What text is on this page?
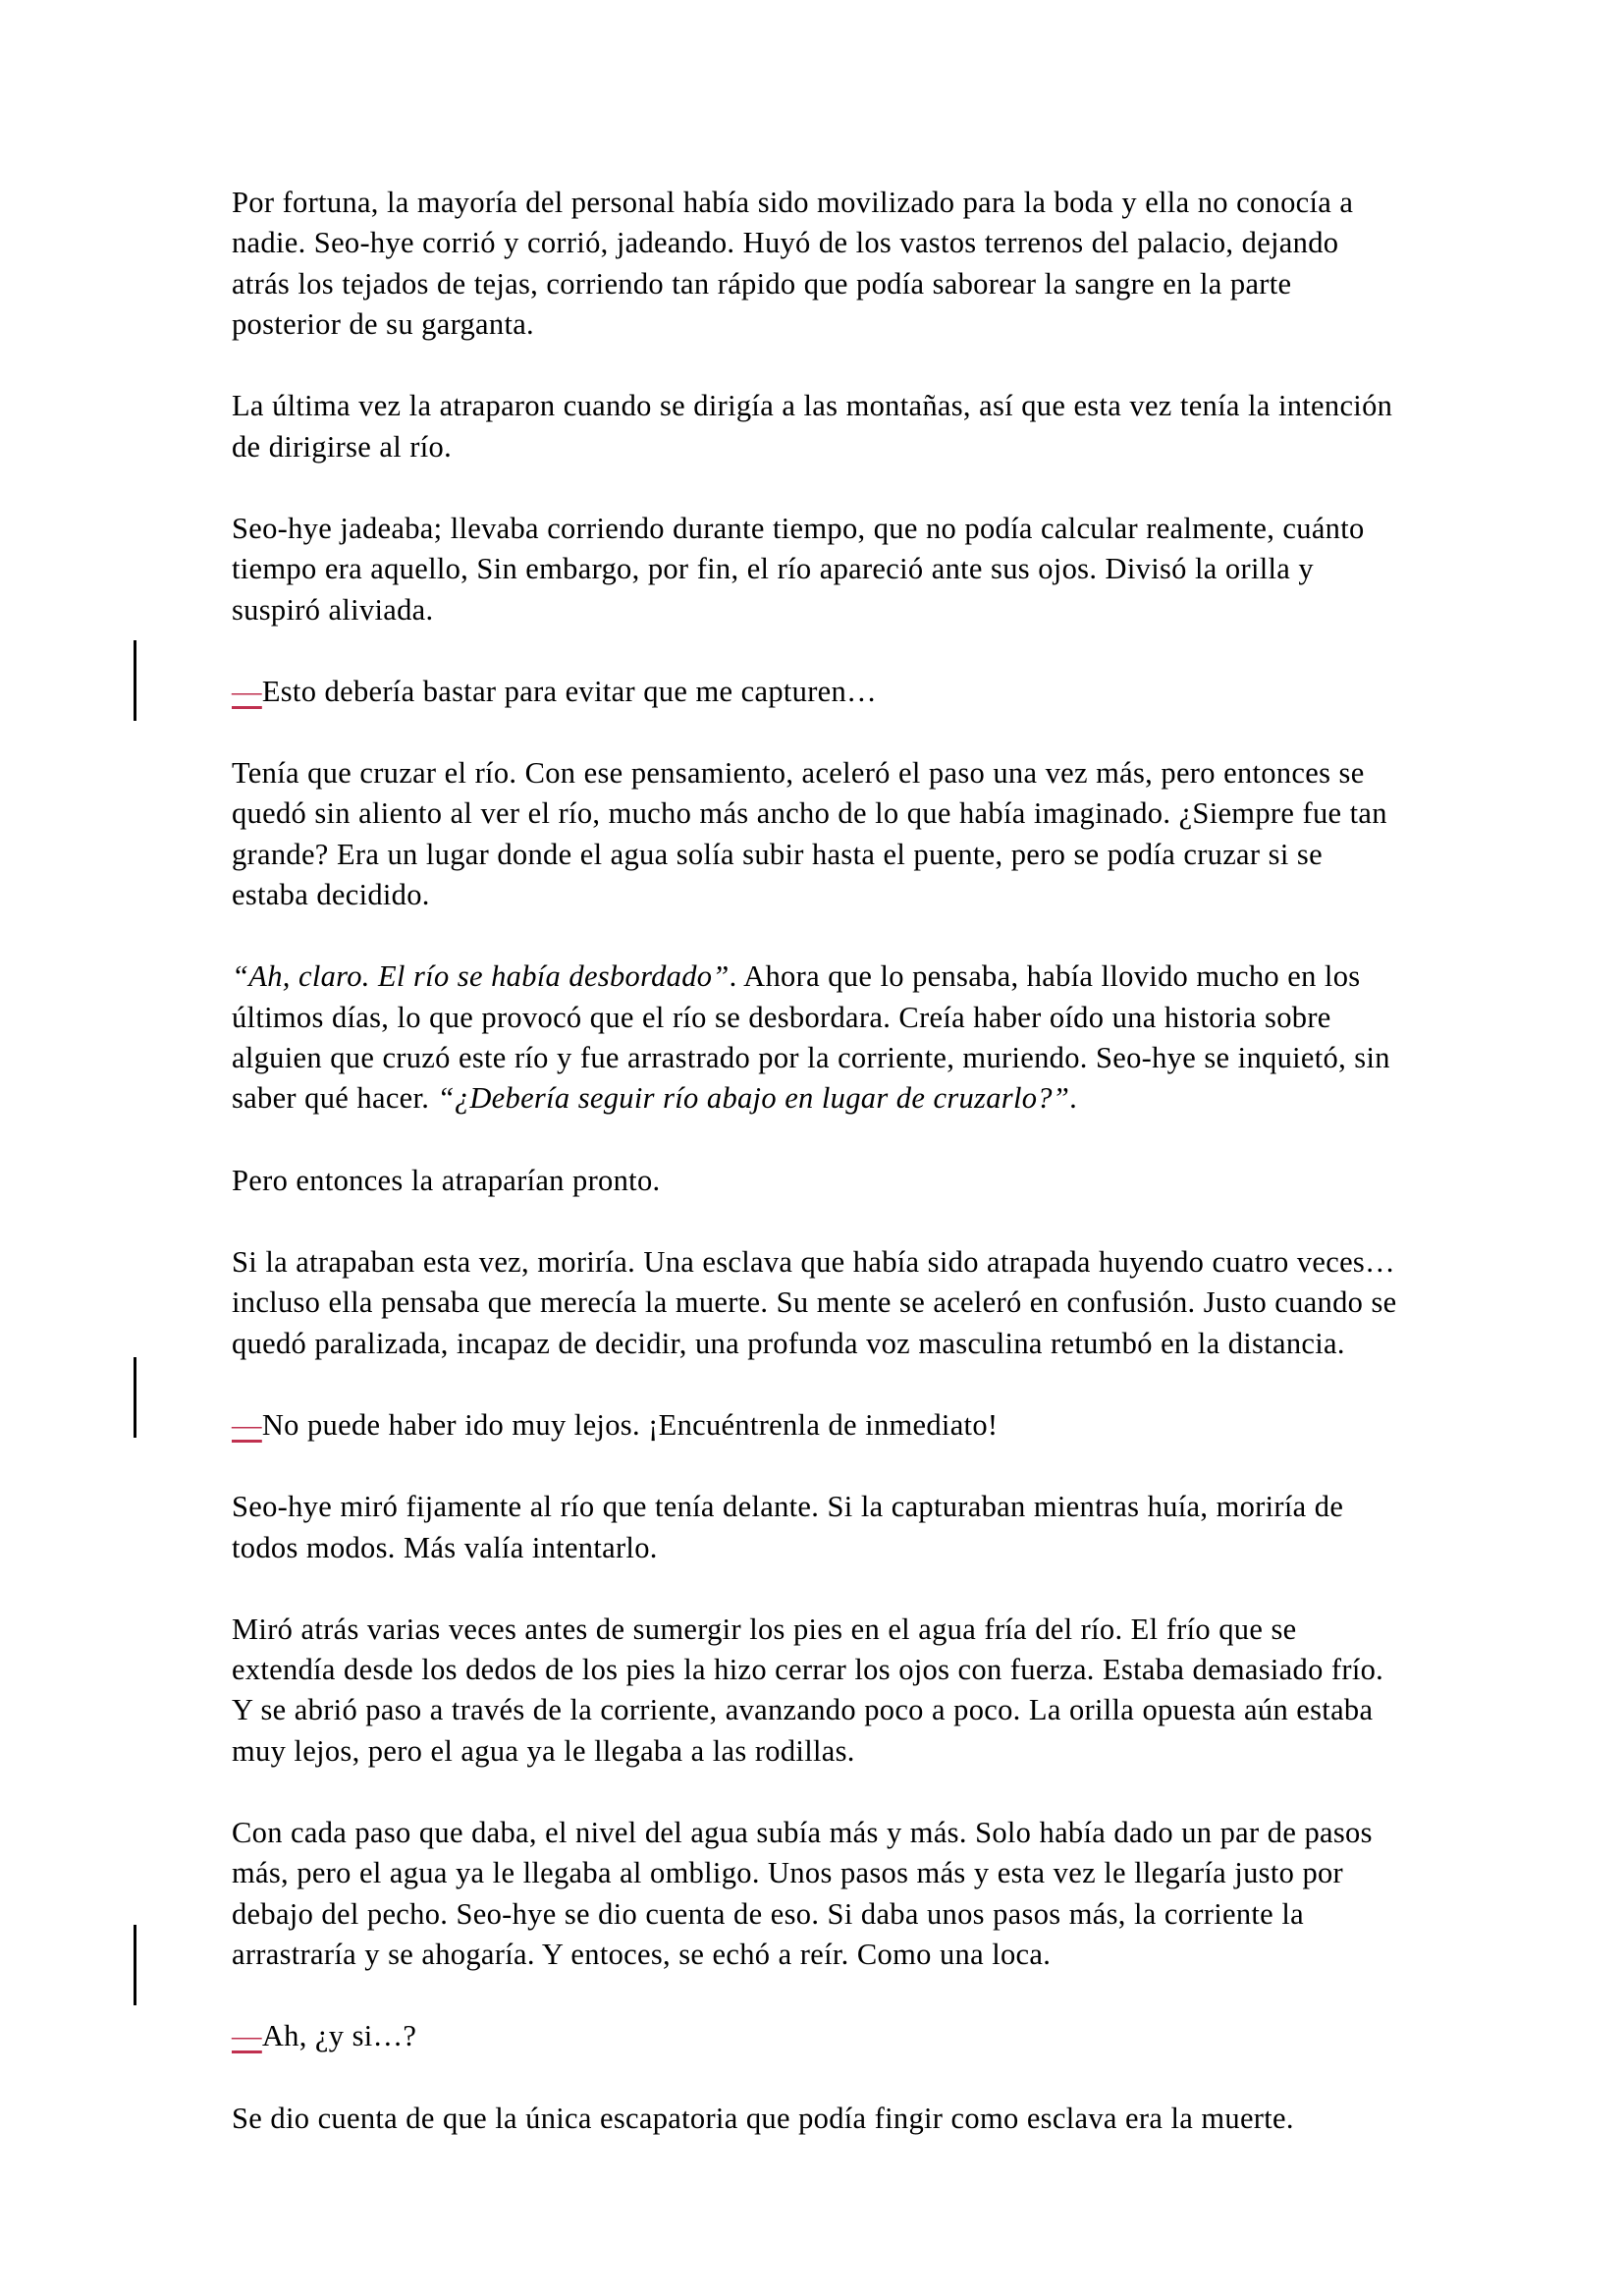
Por fortuna, la mayoría del personal había sido movilizado para la boda y ella no conocía a nadie. Seo-hye corrió y corrió, jadeando. Huyó de los vastos terrenos del palacio, dejando atrás los tejados de tejas, corriendo tan rápido que podía saborear la sangre en la parte posterior de su garganta.

La última vez la atraparon cuando se dirigía a las montañas, así que esta vez tenía la intención de dirigirse al río.

Seo-hye jadeaba; llevaba corriendo durante tiempo, que no podía calcular realmente, cuánto tiempo era aquello, Sin embargo, por fin, el río apareció ante sus ojos. Divisó la orilla y suspiró aliviada.

—Esto debería bastar para evitar que me capturen…

Tenía que cruzar el río. Con ese pensamiento, aceleró el paso una vez más, pero entonces se quedó sin aliento al ver el río, mucho más ancho de lo que había imaginado. ¿Siempre fue tan grande? Era un lugar donde el agua solía subir hasta el puente, pero se podía cruzar si se estaba decidido.

“Ah, claro. El río se había desbordado”. Ahora que lo pensaba, había llovido mucho en los últimos días, lo que provocó que el río se desbordara. Creía haber oído una historia sobre alguien que cruzó este río y fue arrastrado por la corriente, muriendo. Seo-hye se inquietó, sin saber qué hacer. “¿Debería seguir río abajo en lugar de cruzarlo?”.

Pero entonces la atraparían pronto.

Si la atrapaban esta vez, moriría. Una esclava que había sido atrapada huyendo cuatro veces… incluso ella pensaba que merecía la muerte. Su mente se aceleró en confusión. Justo cuando se quedó paralizada, incapaz de decidir, una profunda voz masculina retumbó en la distancia.

—No puede haber ido muy lejos. ¡Encuéntrenla de inmediato!

Seo-hye miró fijamente al río que tenía delante. Si la capturaban mientras huía, moriría de todos modos. Más valía intentarlo.

Miró atrás varias veces antes de sumergir los pies en el agua fría del río. El frío que se extendía desde los dedos de los pies la hizo cerrar los ojos con fuerza. Estaba demasiado frío. Y se abrió paso a través de la corriente, avanzando poco a poco. La orilla opuesta aún estaba muy lejos, pero el agua ya le llegaba a las rodillas.

Con cada paso que daba, el nivel del agua subía más y más. Solo había dado un par de pasos más, pero el agua ya le llegaba al ombligo. Unos pasos más y esta vez le llegaría justo por debajo del pecho. Seo-hye se dio cuenta de eso. Si daba unos pasos más, la corriente la arrastraría y se ahogaría. Y entoces, se echó a reír. Como una loca.

—Ah, ¿y si…?

Se dio cuenta de que la única escapatoria que podía fingir como esclava era la muerte.
